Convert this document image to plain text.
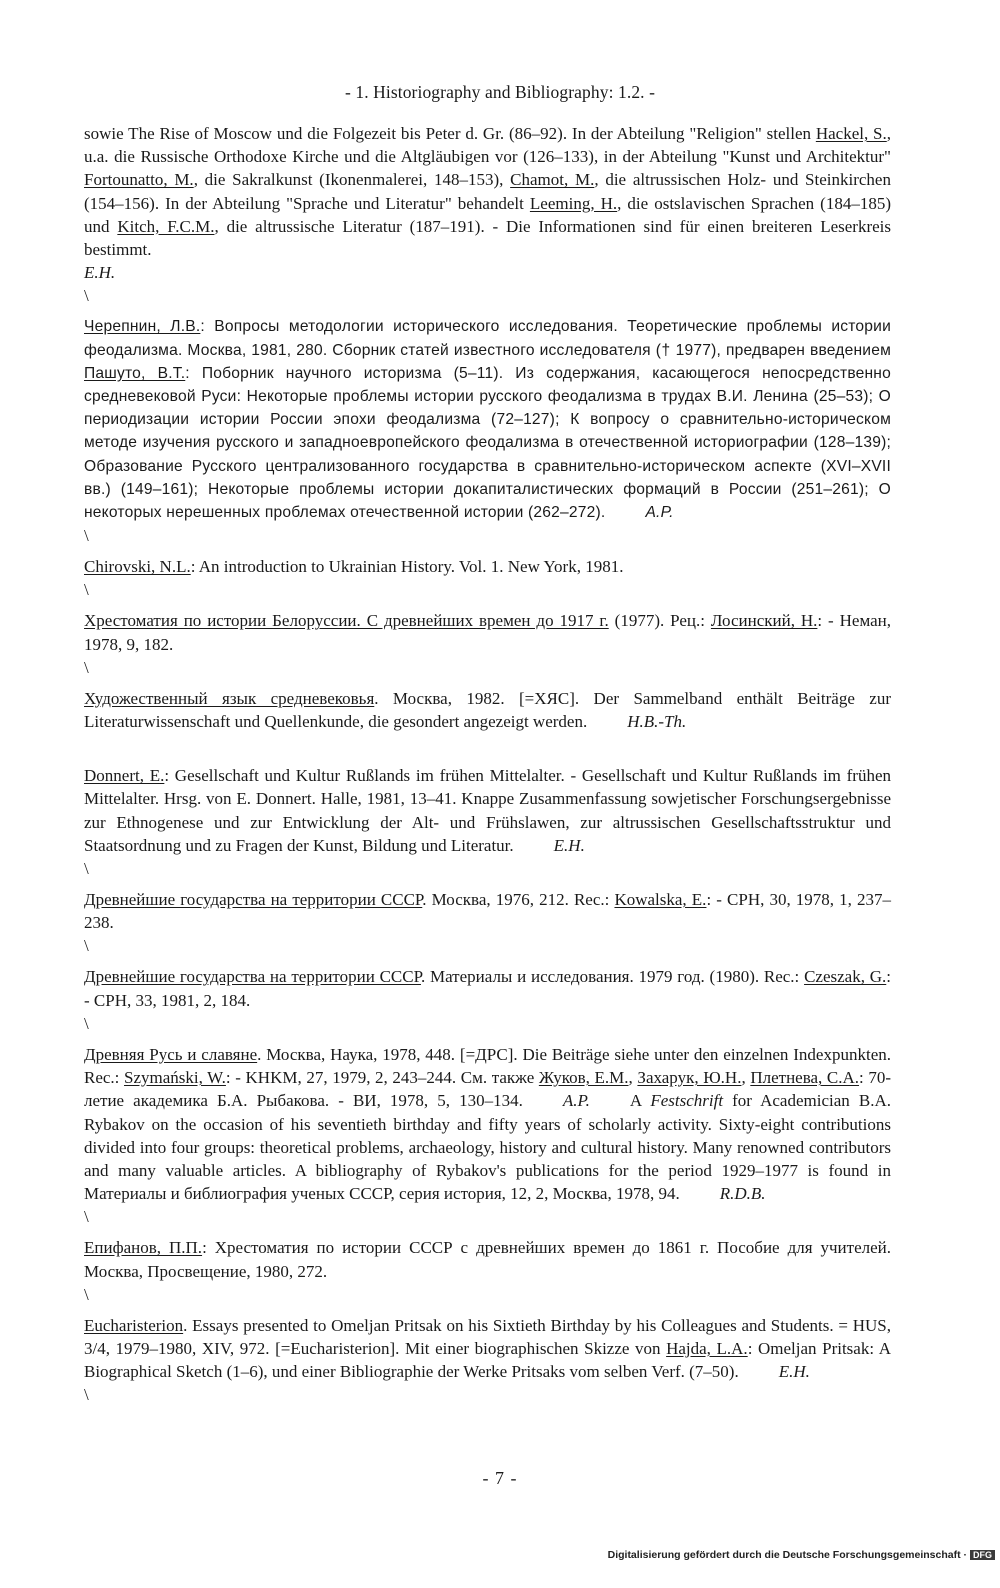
- 1. Historiography and Bibliography: 1.2. -

sowie The Rise of Moscow und die Folgezeit bis Peter d. Gr. (86–92). In der Abteilung "Religion" stellen Hackel, S., u.a. die Russische Orthodoxe Kirche und die Altgläubigen vor (126–133), in der Abteilung "Kunst und Architektur" Fortounatto, M., die Sakralkunst (Ikonenmalerei, 148–153), Chamot, M., die altrussischen Holz- und Steinkirchen (154–156). In der Abteilung "Sprache und Literatur" behandelt Leeming, H., die ostslavischen Sprachen (184–185) und Kitch, F.C.M., die altrussische Literatur (187–191). - Die Informationen sind für einen breiteren Leserkreis bestimmt.
E.H.

\

Черепнин, Л.В.: Вопросы методологии исторического исследования. Теоретические проблемы истории феодализма. Москва, 1981, 280. Сборник статей известного исследователя († 1977), предварен введением Пашуто, В.Т.: Поборник научного историзма (5–11). Из содержания, касающегося непосредственно средневековой Руси: Некоторые проблемы истории русского феодализма в трудах В.И. Ленина (25–53); О периодизации истории России эпохи феодализма (72–127); К вопросу о сравнительно-историческом методе изучения русского и западноевропейского феодализма в отечественной историографии (128–139); Образование Русского централизованного государства в сравнительно-историческом аспекте (XVI–XVII вв.) (149–161); Некоторые проблемы истории докапиталистических формаций в России (251–261); О некоторых нерешенных проблемах отечественной истории (262–272).	A.P.

\

Chirovski, N.L.: An introduction to Ukrainian History. Vol. 1. New York, 1981.

\

Хрестоматия по истории Белоруссии. С древнейших времен до 1917 г. (1977). Рец.: Лосинский, Н.: - Неман, 1978, 9, 182.

\

Художественный язык средневековья. Москва, 1982. [=ХЯС]. Der Sammelband enthält Beiträge zur Literaturwissenschaft und Quellenkunde, die gesondert angezeigt werden. H.B.-Th.

Donnert, E.: Gesellschaft und Kultur Rußlands im frühen Mittelalter. - Gesellschaft und Kultur Rußlands im frühen Mittelalter. Hrsg. von E. Donnert. Halle, 1981, 13–41. Knappe Zusammenfassung sowjetischer Forschungsergebnisse zur Ethnogenese und zur Entwicklung der Alt- und Frühslawen, zur altrussischen Gesellschaftsstruktur und Staatsordnung und zu Fragen der Kunst, Bildung und Literatur. E.H.

\

Древнейшие государства на территории СССР. Москва, 1976, 212. Rec.: Kowalska, E.: - CPH, 30, 1978, 1, 237–238.

\

Древнейшие государства на территории СССР. Материалы и исследования. 1979 год. (1980). Rec.: Czeszak, G.: - CPH, 33, 1981, 2, 184.

\

Древняя Русь и славяне. Москва, Наука, 1978, 448. [=ДРС]. Die Beiträge siehe unter den einzelnen Indexpunkten. Rec.: Szymański, W.: - KHKM, 27, 1979, 2, 243–244. См. также Жуков, Е.М., Захарук, Ю.Н., Плетнева, С.А.: 70-летие академика Б.А. Рыбакова. - ВИ, 1978, 5, 130–134. A.P. A Festschrift for Academician B.A. Rybakov on the occasion of his seventieth birthday and fifty years of scholarly activity. Sixty-eight contributions divided into four groups: theoretical problems, archaeology, history and cultural history. Many renowned contributors and many valuable articles. A bibliography of Rybakov's publications for the period 1929–1977 is found in Материалы и библиография ученых СССР, серия история, 12, 2, Москва, 1978, 94. R.D.B.

\

Епифанов, П.П.: Хрестоматия по истории СССР с древнейших времен до 1861 г. Пособие для учителей. Москва, Просвещение, 1980, 272.

\

Eucharisterion. Essays presented to Omeljan Pritsak on his Sixtieth Birthday by his Colleagues and Students. = HUS, 3/4, 1979–1980, XIV, 972. [=Eucharisterion]. Mit einer biographischen Skizze von Hajda, L.A.: Omeljan Pritsak: A Biographical Sketch (1–6), und einer Bibliographie der Werke Pritsaks vom selben Verf. (7–50). E.H.

\
- 7 -
Digitalisierung gefördert durch die Deutsche Forschungsgemeinschaft · DFG
